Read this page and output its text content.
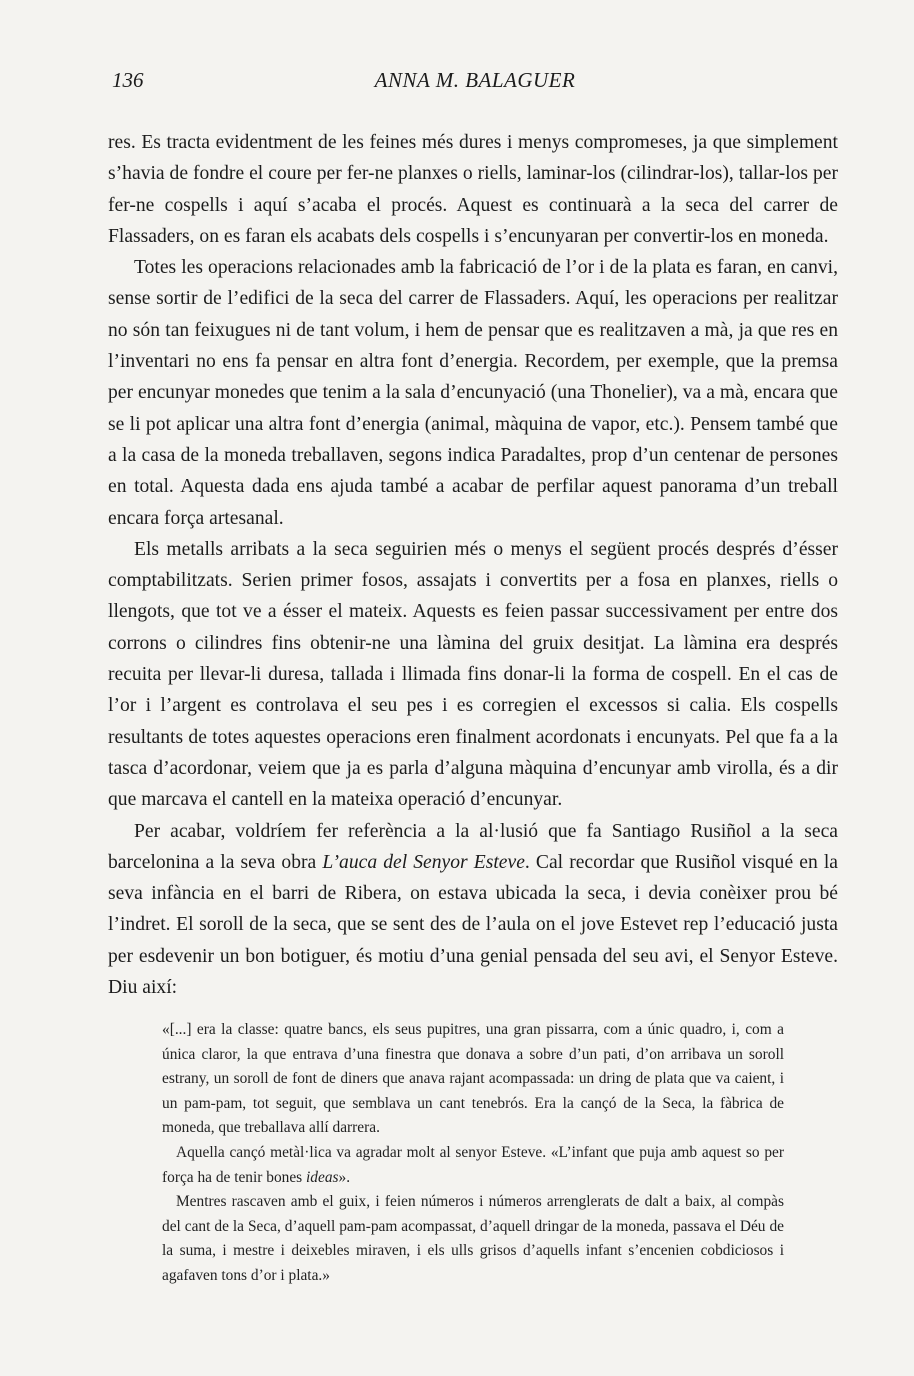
136	ANNA M. BALAGUER

res. Es tracta evidentment de les feines més dures i menys compromeses, ja que simplement s’havia de fondre el coure per fer-ne planxes o riells, laminar-los (cilindrar-los), tallar-los per fer-ne cospells i aquí s’acaba el procés. Aquest es continuarà a la seca del carrer de Flassaders, on es faran els acabats dels cospells i s’encunyaran per convertir-los en moneda.

Totes les operacions relacionades amb la fabricació de l’or i de la plata es faran, en canvi, sense sortir de l’edifici de la seca del carrer de Flassaders. Aquí, les operacions per realitzar no són tan feixugues ni de tant volum, i hem de pensar que es realitzaven a mà, ja que res en l’inventari no ens fa pensar en altra font d’energia. Recordem, per exemple, que la premsa per encunyar monedes que tenim a la sala d’encunyació (una Thonelier), va a mà, encara que se li pot aplicar una altra font d’energia (animal, màquina de vapor, etc.). Pensem també que a la casa de la moneda treballaven, segons indica Paradaltes, prop d’un centenar de persones en total. Aquesta dada ens ajuda també a acabar de perfilar aquest panorama d’un treball encara força artesanal.

Els metalls arribats a la seca seguirien més o menys el següent procés després d’ésser comptabilitzats. Serien primer fosos, assajats i convertits per a fosa en planxes, riells o llengots, que tot ve a ésser el mateix. Aquests es feien passar successivament per entre dos corrons o cilindres fins obtenir-ne una làmina del gruix desitjat. La làmina era després recuita per llevar-li duresa, tallada i llimada fins donar-li la forma de cospell. En el cas de l’or i l’argent es controlava el seu pes i es corregien el excessos si calia. Els cospells resultants de totes aquestes operacions eren finalment acordonats i encunyats. Pel que fa a la tasca d’acordonar, veiem que ja es parla d’alguna màquina d’encunyar amb virolla, és a dir que marcava el cantell en la mateixa operació d’encunyar.

Per acabar, voldríem fer referència a la al·lusió que fa Santiago Rusiñol a la seca barcelonina a la seva obra L’auca del Senyor Esteve. Cal recordar que Rusiñol visqué en la seva infància en el barri de Ribera, on estava ubicada la seca, i devia conèixer prou bé l’indret. El soroll de la seca, que se sent des de l’aula on el jove Estevet rep l’educació justa per esdevenir un bon botiguer, és motiu d’una genial pensada del seu avi, el Senyor Esteve. Diu així:

«[...] era la classe: quatre bancs, els seus pupitres, una gran pissarra, com a únic quadro, i, com a única claror, la que entrava d’una finestra que donava a sobre d’un pati, d’on arribava un soroll estrany, un soroll de font de diners que anava rajant acompassada: un dring de plata que va caient, i un pam-pam, tot seguit, que semblava un cant tenebrós. Era la cançó de la Seca, la fàbrica de moneda, que treballava allí darrera.

Aquella cançó metàl·lica va agradar molt al senyor Esteve. «L’infant que puja amb aquest so per força ha de tenir bones ideas».

Mentres rascaven amb el guix, i feien números i números arrenglerats de dalt a baix, al compàs del cant de la Seca, d’aquell pam-pam acompassat, d’aquell dringar de la moneda, passava el Déu de la suma, i mestre i deixebles miraven, i els ulls grisos d’aquells infant s’encenien cobdiciosos i agafaven tons d’or i plata.»
